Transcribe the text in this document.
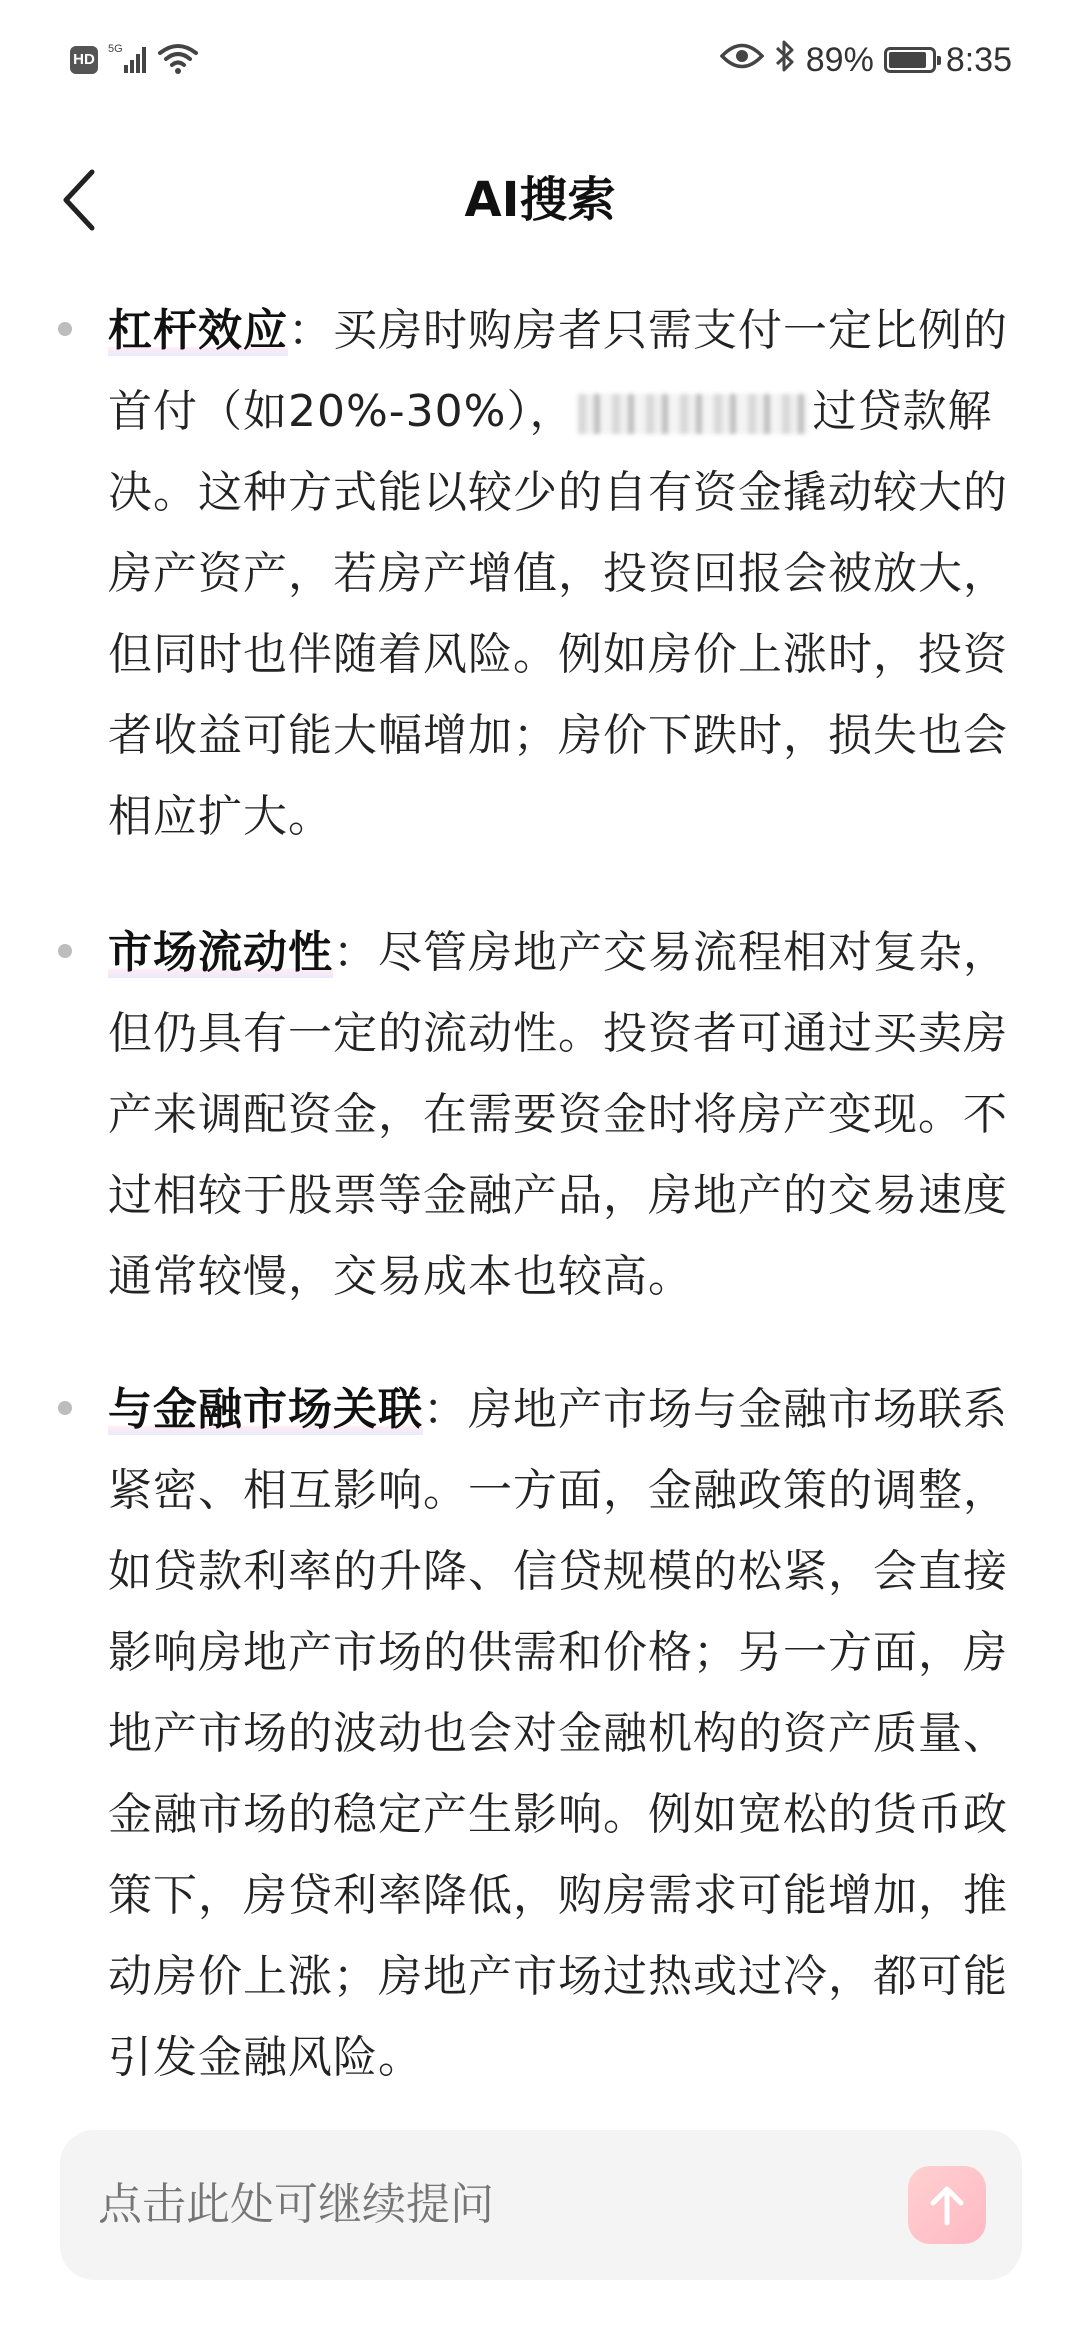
HD
5G	89% 8:35
AI搜索

杠杆效应：买房时购房者只需支付一定比例的首付（如20%-30%），	过贷款解决。这种方式能以较少的自有资金撬动较大的房产资产，若房产增值，投资回报会被放大，但同时也伴随着风险。例如房价上涨时，投资者收益可能大幅增加；房价下跌时，损失也会相应扩大。

市场流动性：尽管房地产交易流程相对复杂，但仍具有一定的流动性。投资者可通过买卖房产来调配资金，在需要资金时将房产变现。不过相较于股票等金融产品，房地产的交易速度通常较慢，交易成本也较高。

与金融市场关联：房地产市场与金融市场联系紧密、相互影响。一方面，金融政策的调整，如贷款利率的升降、信贷规模的松紧，会直接影响房地产市场的供需和价格；另一方面，房地产市场的波动也会对金融机构的资产质量、金融市场的稳定产生影响。例如宽松的货币政策下，房贷利率降低，购房需求可能增加，推动房价上涨；房地产市场过热或过冷，都可能引发金融风险。

点击此处可继续提问
